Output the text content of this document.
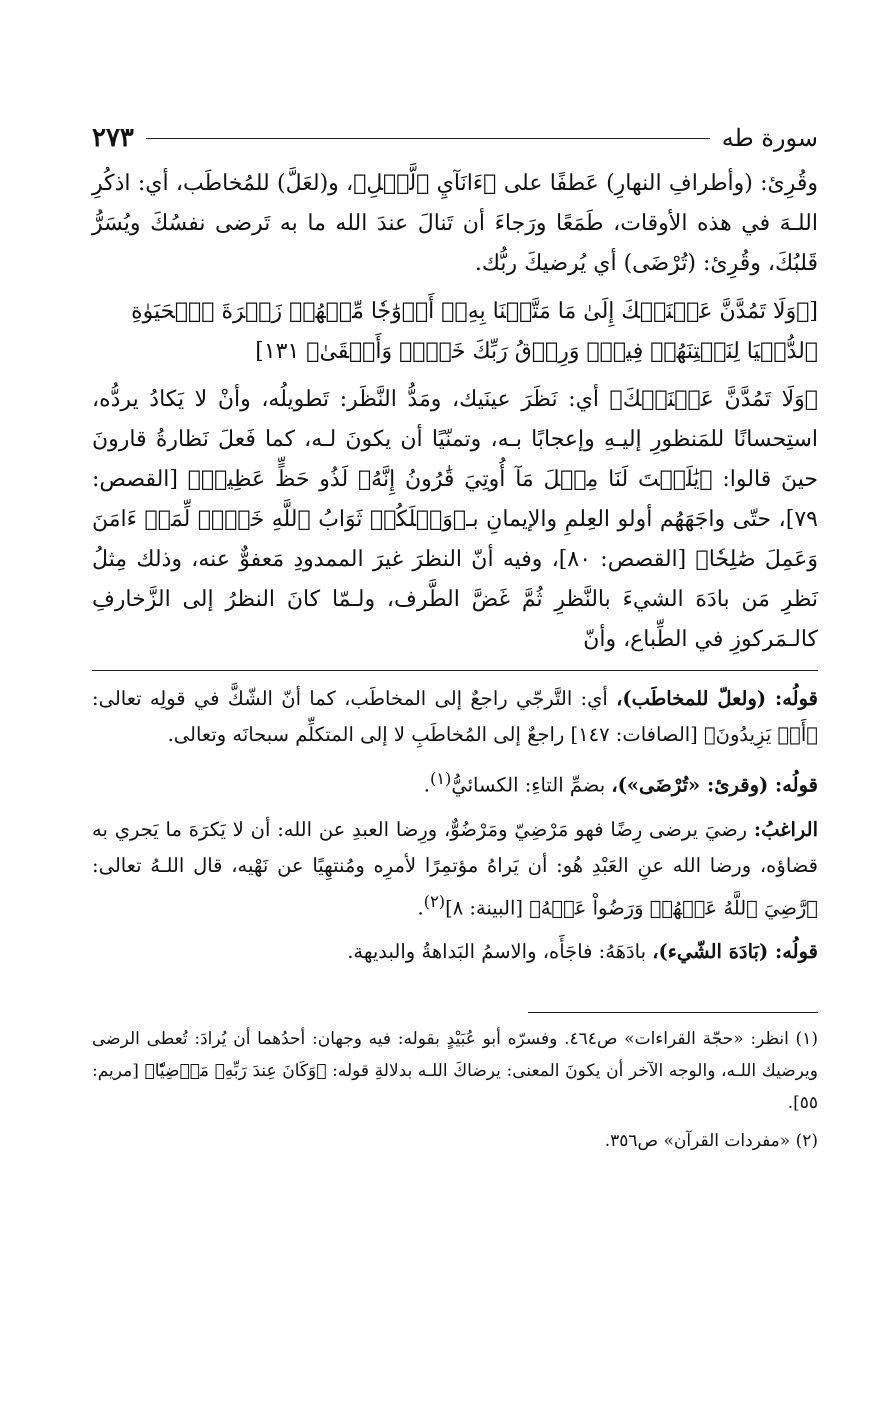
سورة طه
٢٧٣

وقُرِئ: (وأطرافِ النهارِ) عَطفًا على ﴿ءَانَآيِ ٱلَّيۡلِ﴾، و(لعَلَّ) للمُخاطَب، أي: اذكُرِ اللـهَ في هذه الأوقات، طَمَعًا ورَجاءَ أن تَنالَ عندَ الله ما به تَرضى نفسُكَ ويُسَرُّ قَلبُكَ، وقُرِئ: (تُرْضَى) أي يُرضيكَ ربُّك.

[﴿وَلَا تَمُدَّنَّ عَيۡنَيۡكَ إِلَىٰ مَا مَتَّعۡنَا بِهِۦٓ أَزۡوَٰجٗا مِّنۡهُمۡ زَهۡرَةَ ٱلۡحَيَوٰةِ ٱلدُّنۡيَا لِنَفۡتِنَهُمۡ فِيهِۚ وَرِزۡقُ رَبِّكَ خَيۡرٞ وَأَبۡقَىٰ﴾ ١٣١]

﴿وَلَا تَمُدَّنَّ عَيۡنَيۡكَ﴾ أي: نَظَرَ عينَيك، ومَدُّ النَّظَر: تَطويلُه، وأنْ لا يَكادُ يردُّه، استِحسانًا للمَنظورِ إليـهِ وإعجابًا بـه، وتمنّيًا أن يكونَ لـه، كما فَعلَ نَظارةُ قارونَ حينَ قالوا: ﴿يَٰلَيۡتَ لَنَا مِثۡلَ مَآ أُوتِيَ قَٰرُونُ إِنَّهُۥ لَذُو حَظٍّ عَظِيمٖ﴾ [القصص: ٧٩]، حتّى واجَهَهُم أولو العِلمِ والإيمانِ بـ﴿وَيۡلَكُمۡ ثَوَابُ ٱللَّهِ خَيۡرٞ لِّمَنۡ ءَامَنَ وَعَمِلَ صَٰلِحٗا﴾ [القصص: ٨٠]، وفيه أنّ النظرَ غيرَ الممدودِ مَعفوٌّ عنه، وذلك مِثلُ نَظرِ مَن بادَهَ الشيءَ بالنَّظرِ ثُمَّ غَضَّ الطَّرف، ولـمّا كانَ النظرُ إلى الزَّخارفِ كالـمَركوزِ في الطِّباع، وأنّ

قولُه: (ولعلّ للمخاطَب)، أي: التَّرجّي راجعٌ إلى المخاطَب، كما أنّ الشّكَّ في قولِه تعالى: ﴿أَوۡ يَزِيدُونَ﴾ [الصافات: ١٤٧] راجعٌ إلى المُخاطَبِ لا إلى المتكلِّم سبحانَه وتعالى.

قولُه: (وقرئ: «تُرْضَى»)، بضمِّ التاءِ: الكسائيُّ$^{(١)}$.

الراغبُ: رضيَ يرضى رِضًا فهو مَرْضِيّ ومَرْضُوٌّ، ورِضا العبدِ عن الله: أن لا يَكرَهَ ما يَجري به قضاؤه، ورضا الله عنِ العَبْدِ هُو: أن يَراهُ مؤتمِرًا لأمرِه ومُنتهِيًا عن نَهْيه، قال اللـهُ تعالى: ﴿رَّضِيَ ٱللَّهُ عَنۡهُمۡ وَرَضُواْ عَنۡهُ﴾ [البينة: ٨]$^{(٢)}$.

قولُه: (بَادَهَ الشّيء)، بادَهَهُ: فاجَأَه، والاسمُ البَداهةُ والبديهة.

(١) انظر: «حجّة القراءات» ص٤٦٤. وفسرّه أبو عُبَيْدٍ بقوله: فيه وجهان: أحدُهما أن يُرادَ: تُعطى الرضى ويرضيك اللـه، والوجه الآخر أن يكونَ المعنى: يرضاكَ اللـه بدلالةِ قوله: ﴿وَكَانَ عِندَ رَبِّهِۦ مَرۡضِيّٗا﴾ [مريم: ٥٥].

(٢) «مفردات القرآن» ص٣٥٦.
